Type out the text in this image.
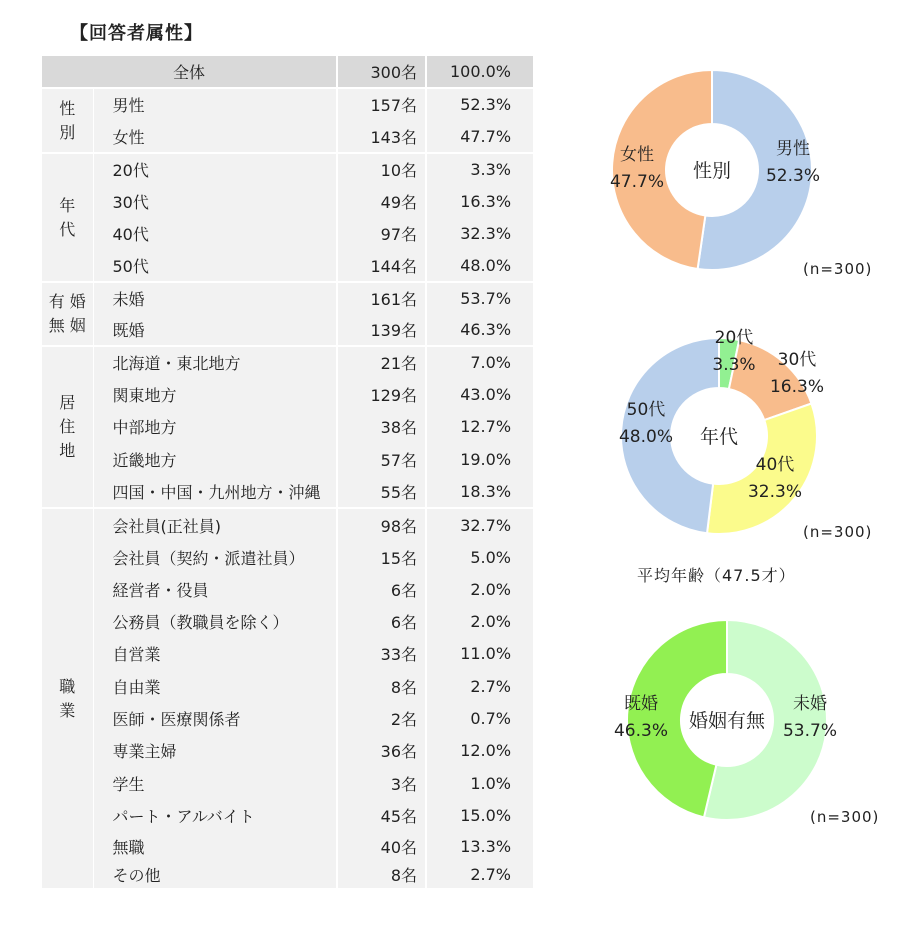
【回答者属性】
全体		300名	100.0%

性
別	男性	157名	52.3%
	女性	143名	47.7%

年
代	20代	10名	3.3%
	30代	49名	16.3%
	40代	97名	32.3%
	50代	144名	48.0%

有 婚
無 姻	未婚	161名	53.7%
	既婚	139名	46.3%

居
住
地	北海道・東北地方	21名	7.0%
	関東地方	129名	43.0%
	中部地方	38名	12.7%
	近畿地方	57名	19.0%
	四国・中国・九州地方・沖縄	55名	18.3%

職
業	会社員(正社員)	98名	32.7%
	会社員（契約・派遣社員）	15名	5.0%
	経営者・役員	6名	2.0%
	公務員（教職員を除く）	6名	2.0%
	自営業	33名	11.0%
	自由業	8名	2.7%
	医師・医療関係者	2名	0.7%
	専業主婦	36名	12.0%
	学生	3名	1.0%
	パート・アルバイト	45名	15.0%
	無職	40名	13.3%
	その他	8名	2.7%
性別
男性
52.3%
女性
47.7%
年代
20代
3.3% 30代
16.3%
40代
32.3%
50代
48.0%
婚姻有無
未婚
53.7%
既婚
46.3%
(n=300)
(n=300)
(n=300)
平均年齢（47.5才）
